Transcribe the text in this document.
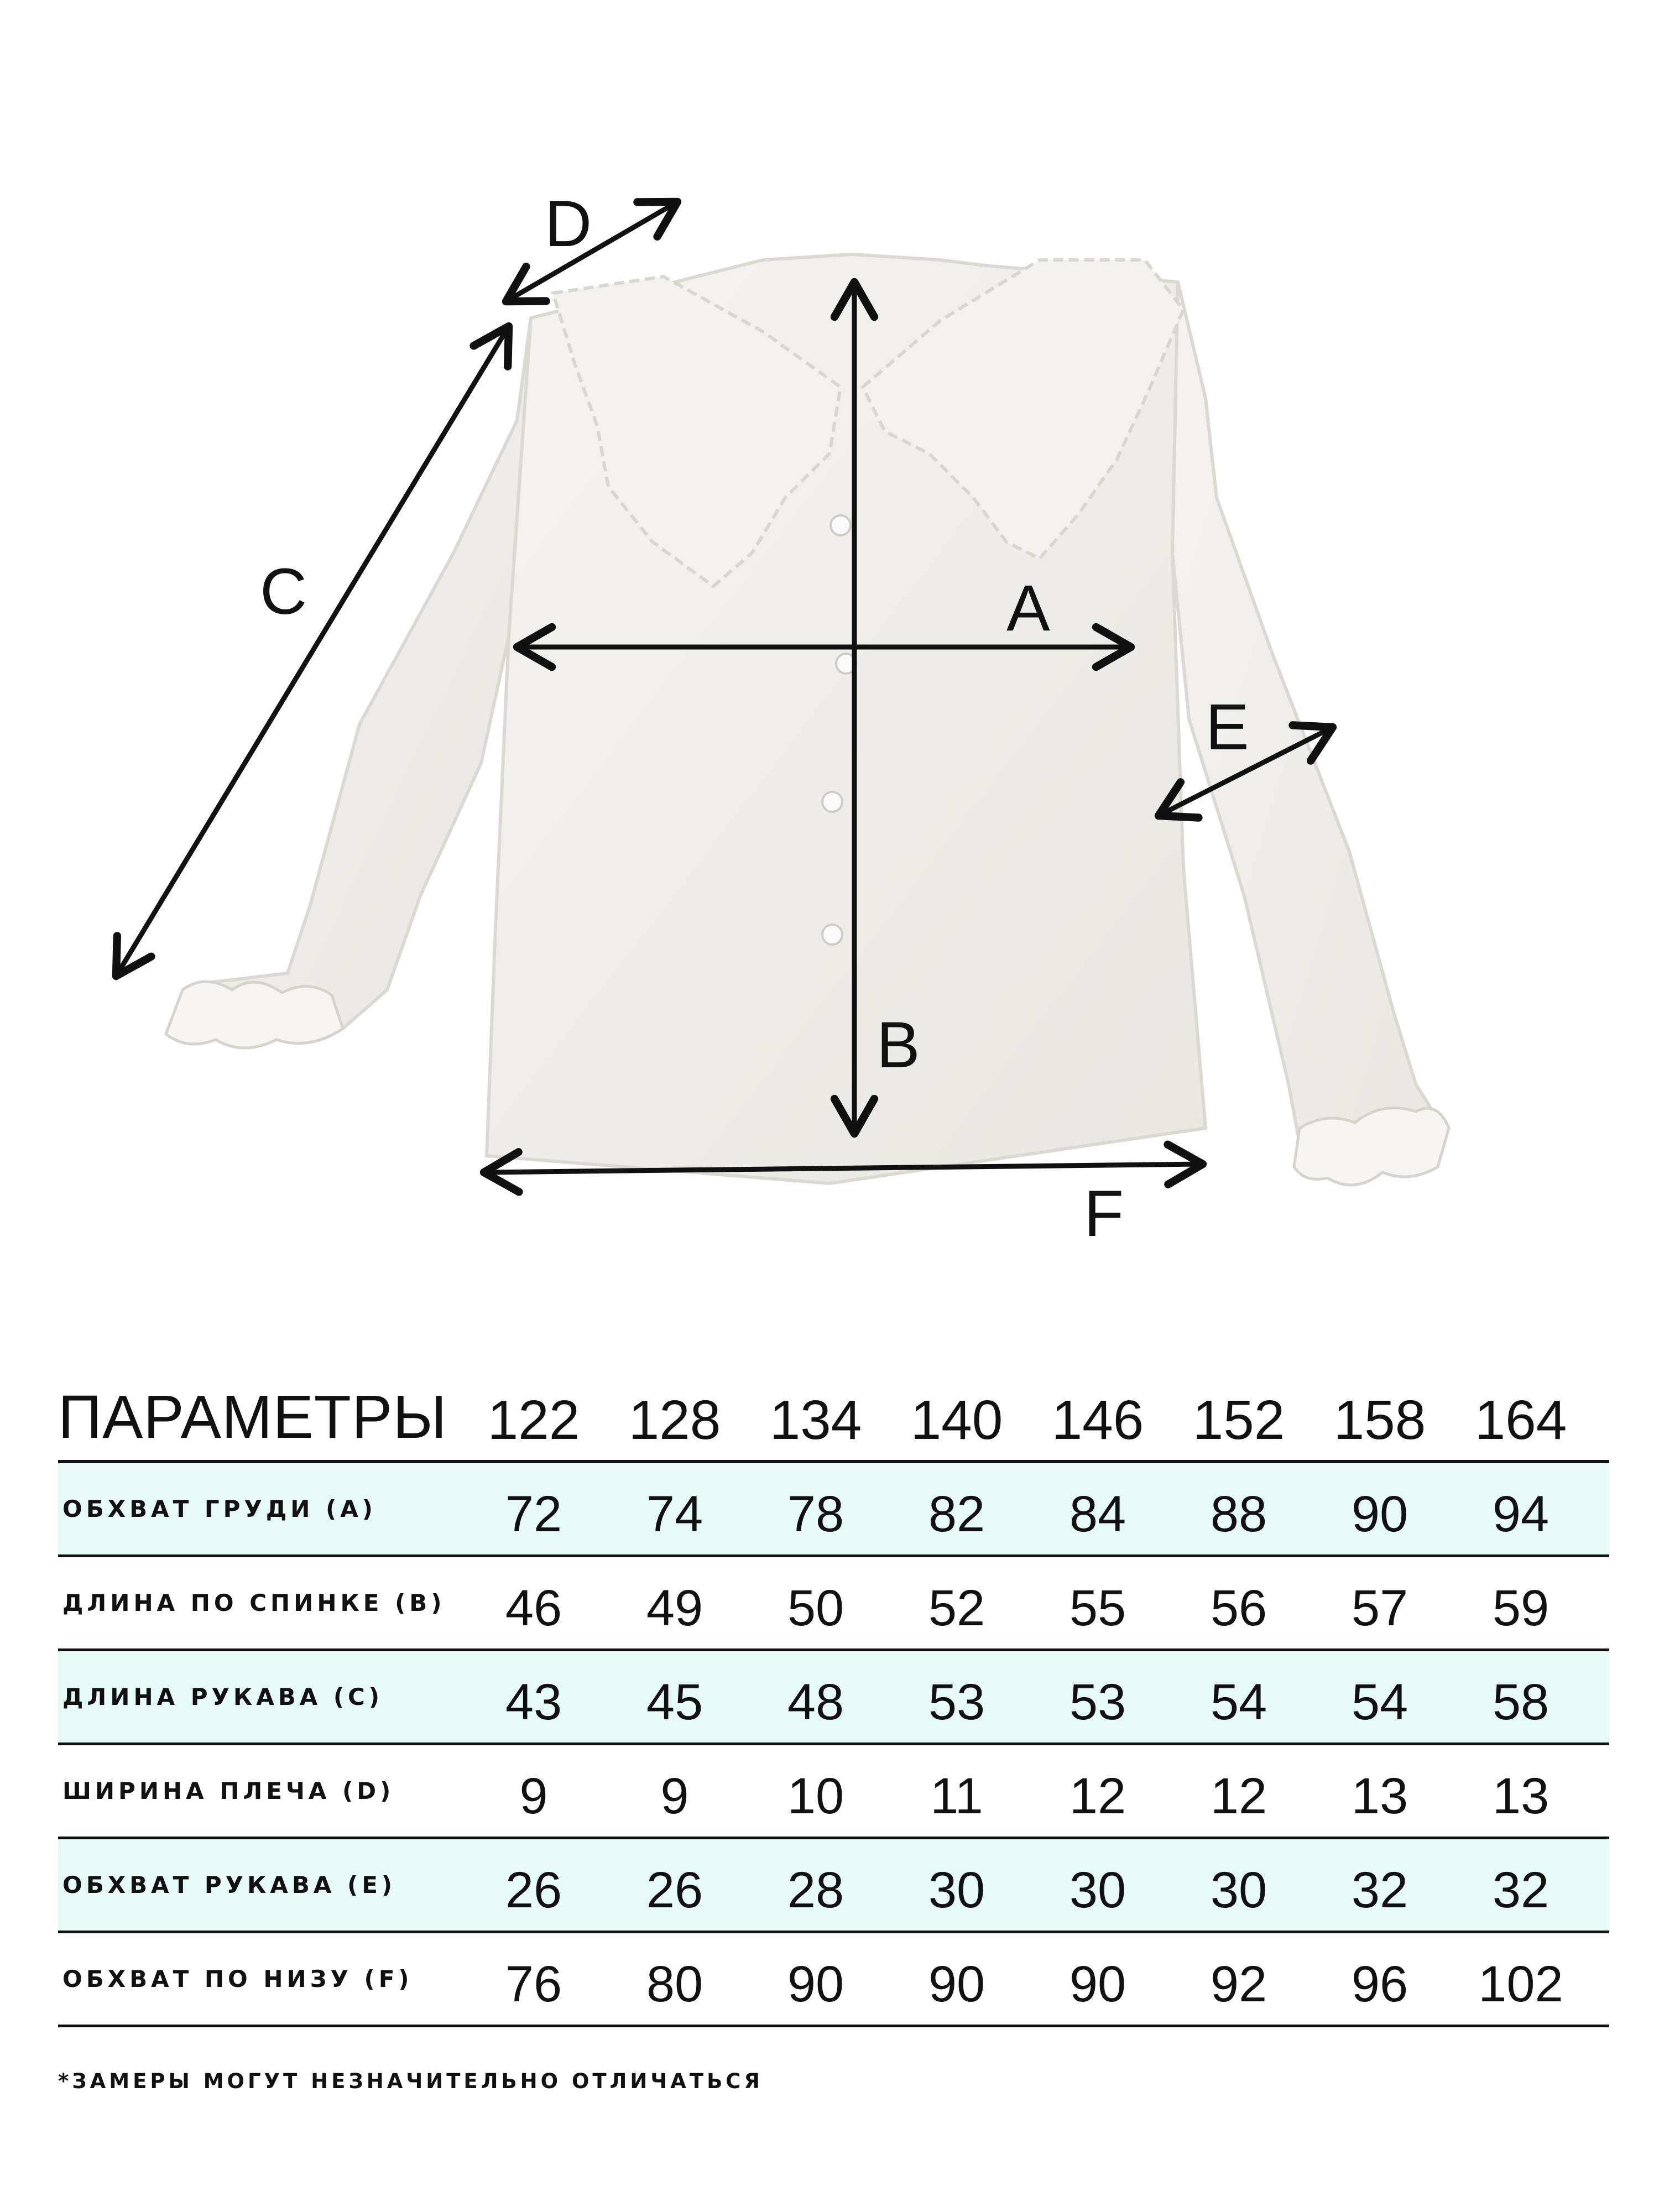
A
B
C
D
E
F
ПАРАМЕТРЫ 122 128 134 140 146 152 158 164
ОБХВАТ ГРУДИ (A)	72	74	78	82	84	88	90	94
ДЛИНА ПО СПИНКЕ (B)	46	49	50	52	55	56	57	59
ДЛИНА РУКАВА (C)	43	45	48	53	53	54	54	58
ШИРИНА ПЛЕЧА (D)	9	9	10	11	12	12	13	13
ОБХВАТ РУКАВА (E)	26	26	28	30	30	30	32	32
ОБХВАТ ПО НИЗУ (F)	76	80	90	90	90	92	96	102
*ЗАМЕРЫ МОГУТ НЕЗНАЧИТЕЛЬНО ОТЛИЧАТЬСЯ
